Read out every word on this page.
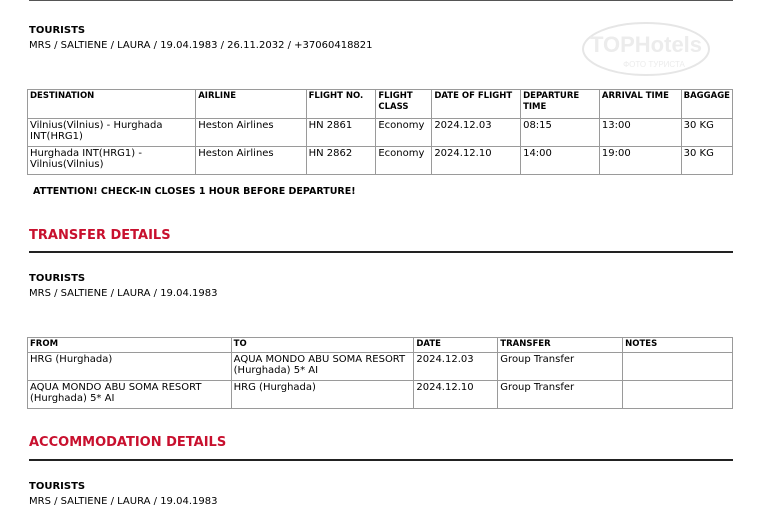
TOURISTS
MRS / SALTIENE / LAURA / 19.04.1983 / 26.11.2032 / +37060418821	TOPHotels
ФОТО ТУРИСТА
DESTINATION	AIRLINE	FLIGHT NO.	FLIGHT CLASS	DATE OF FLIGHT	DEPARTURE TIME	ARRIVAL TIME	BAGGAGE
Vilnius(Vilnius) - Hurghada INT(HRG1)	Heston Airlines	HN 2861	Economy	2024.12.03	08:15	13:00	30 KG
Hurghada INT(HRG1) - Vilnius(Vilnius)	Heston Airlines	HN 2862	Economy	2024.12.10	14:00	19:00	30 KG
ATTENTION! CHECK-IN CLOSES 1 HOUR BEFORE DEPARTURE!
TRANSFER DETAILS
TOURISTS
MRS / SALTIENE / LAURA / 19.04.1983
FROM	TO	DATE	TRANSFER	NOTES
HRG (Hurghada)	AQUA MONDO ABU SOMA RESORT (Hurghada) 5* AI	2024.12.03	Group Transfer	
AQUA MONDO ABU SOMA RESORT (Hurghada) 5* AI	HRG (Hurghada)	2024.12.10	Group Transfer	
ACCOMMODATION DETAILS
TOURISTS
MRS / SALTIENE / LAURA / 19.04.1983
